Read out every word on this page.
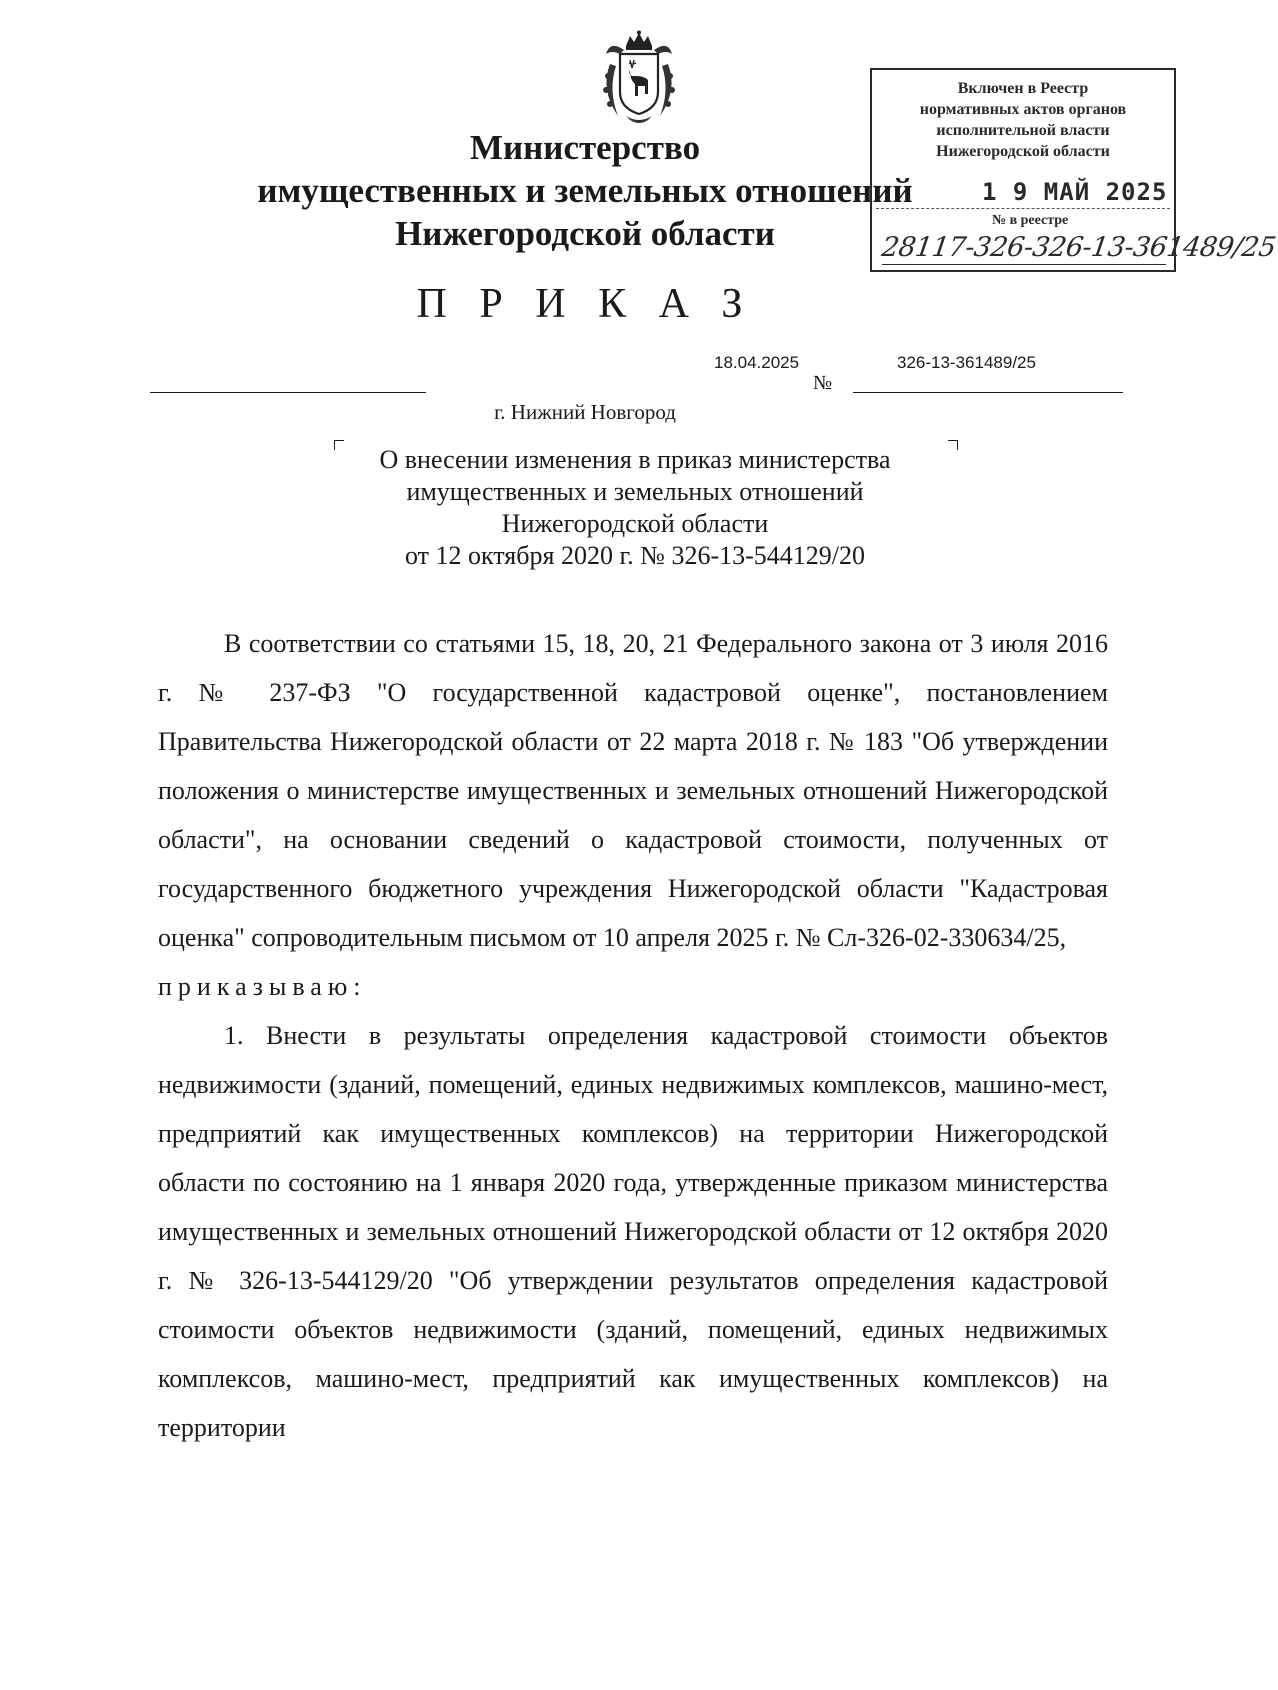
Министерство
имущественных и земельных отношений
Нижегородской области
Включен в Реестр
нормативных актов органов
исполнительной власти
Нижегородской области
1 9 МАЙ 2025
№ в реестре
28117-326-326-13-361489/25
П Р И К А З
18.04.2025
№
326-13-361489/25
г. Нижний Новгород
О внесении изменения в приказ министерства
имущественных и земельных отношений
Нижегородской области
от 12 октября 2020 г. № 326-13-544129/20

В соответствии со статьями 15, 18, 20, 21 Федерального закона от 3 июля 2016 г. № 237-ФЗ "О государственной кадастровой оценке", постановлением Правительства Нижегородской области от 22 марта 2018 г. № 183 "Об утверждении положения о министерстве имущественных и земельных отношений Нижегородской области", на основании сведений о кадастровой стоимости, полученных от государственного бюджетного учреждения Нижегородской области "Кадастровая оценка" сопроводительным письмом от 10 апреля 2025 г. № Сл-326-02-330634/25,

приказываю:

1. Внести в результаты определения кадастровой стоимости объектов недвижимости (зданий, помещений, единых недвижимых комплексов, машино-мест, предприятий как имущественных комплексов) на территории Нижегородской области по состоянию на 1 января 2020 года, утвержденные приказом министерства имущественных и земельных отношений Нижегородской области от 12 октября 2020 г. № 326-13-544129/20 "Об утверждении результатов определения кадастровой стоимости объектов недвижимости (зданий, помещений, единых недвижимых комплексов, машино-мест, предприятий как имущественных комплексов) на территории
